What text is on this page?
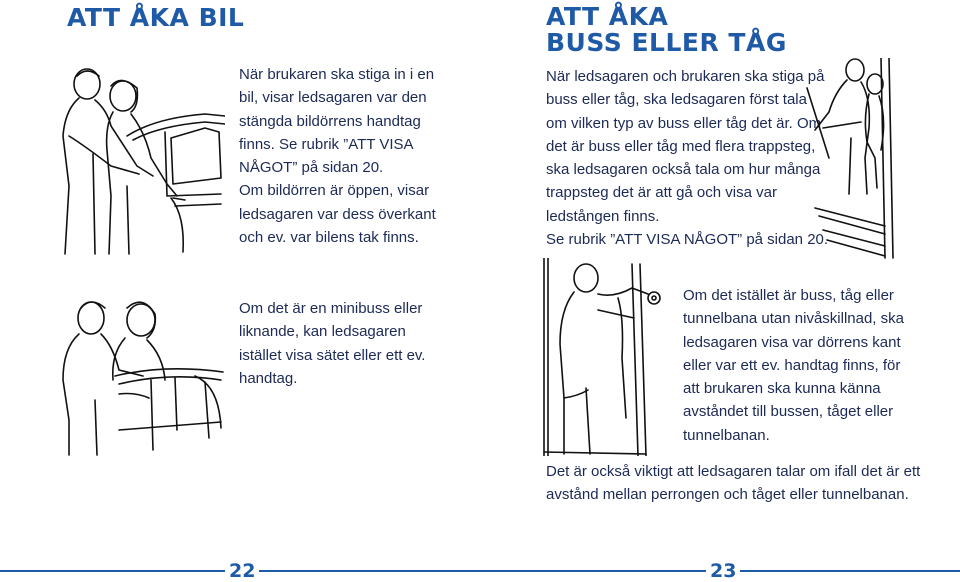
ATT ÅKA BIL	ATT ÅKA
BUSS ELLER TÅG
När brukaren ska stiga in i en
bil, visar ledsagaren var den
stängda bildörrens handtag
finns. Se rubrik ”ATT VISA
NÅGOT” på sidan 20.
Om bildörren är öppen, visar
ledsagaren var dess överkant
och ev. var bilens tak finns.
När ledsagaren och brukaren ska stiga på
buss eller tåg, ska ledsagaren först tala
om vilken typ av buss eller tåg det är. Om
det är buss eller tåg med flera trappsteg,
ska ledsagaren också tala om hur många
trappsteg det är att gå och visa var
ledstången finns.
Se rubrik ”ATT VISA NÅGOT” på sidan 20.
Om det är en minibuss eller
liknande, kan ledsagaren
istället visa sätet eller ett ev.
handtag.
Om det istället är buss, tåg eller
tunnelbana utan nivåskillnad, ska
ledsagaren visa var dörrens kant
eller var ett ev. handtag finns, för
att brukaren ska kunna känna
avståndet till bussen, tåget eller
tunnelbanan.
Det är också viktigt att ledsagaren talar om ifall det är ett
avstånd mellan perrongen och tåget eller tunnelbanan.
22	23
